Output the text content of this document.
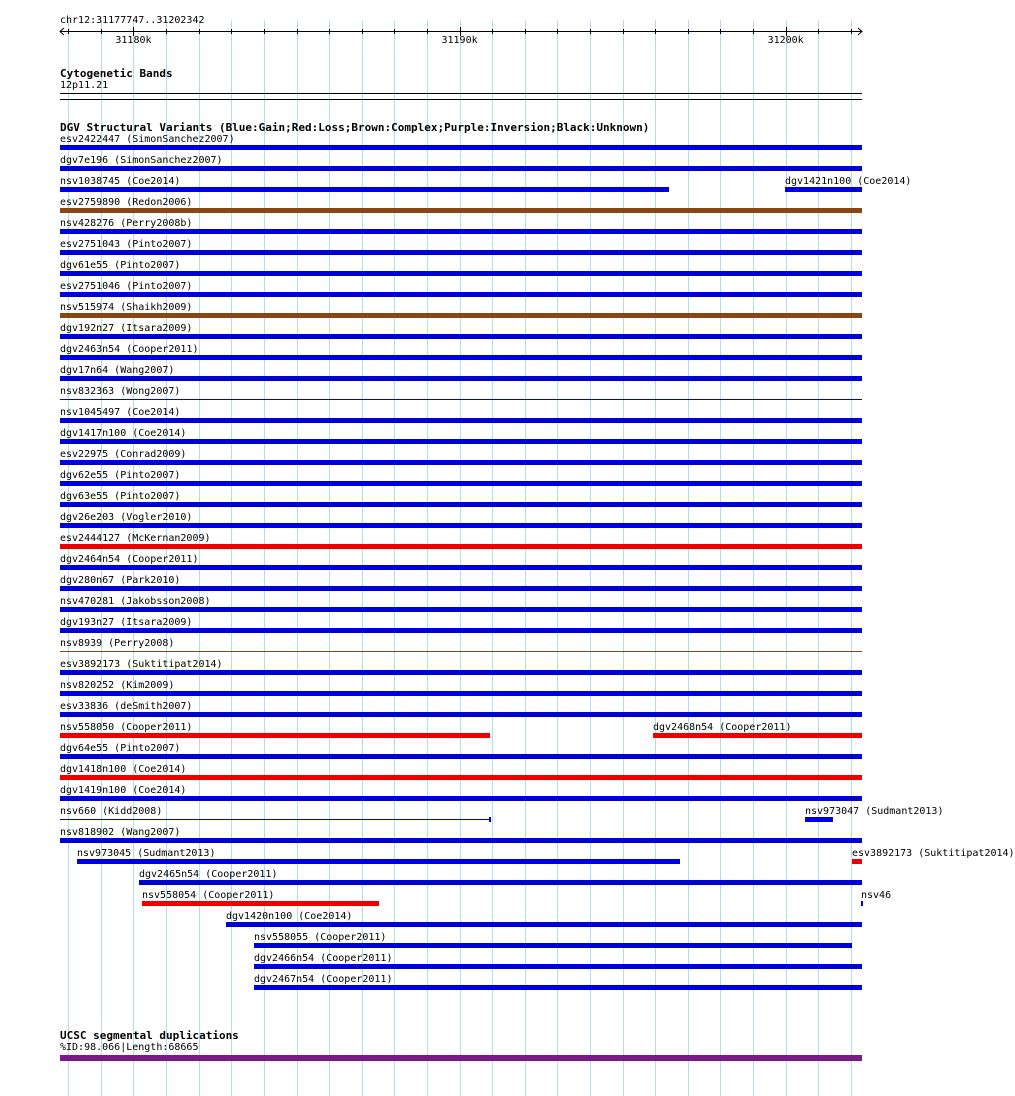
chr12:31177747..31202342
31180k	31190k	31200k
Cytogenetic Bands
12p11.21
DGV Structural Variants (Blue:Gain;Red:Loss;Brown:Complex;Purple:Inversion;Black:Unknown)
esv2422447 (SimonSanchez2007)
dgv7e196 (SimonSanchez2007)
nsv1038745 (Coe2014)	dgv1421n100 (Coe2014)
esv2759890 (Redon2006)
nsv428276 (Perry2008b)
esv2751043 (Pinto2007)
dgv61e55 (Pinto2007)
esv2751046 (Pinto2007)
nsv515974 (Shaikh2009)
dgv192n27 (Itsara2009)
dgv2463n54 (Cooper2011)
dgv17n64 (Wang2007)
nsv832363 (Wong2007)
nsv1045497 (Coe2014)
dgv1417n100 (Coe2014)
esv22975 (Conrad2009)
dgv62e55 (Pinto2007)
dgv63e55 (Pinto2007)
dgv26e203 (Vogler2010)
esv2444127 (McKernan2009)
dgv2464n54 (Cooper2011)
dgv280n67 (Park2010)
nsv470281 (Jakobsson2008)
dgv193n27 (Itsara2009)
nsv8939 (Perry2008)
esv3892173 (Suktitipat2014)
nsv820252 (Kim2009)
esv33836 (deSmith2007)
nsv558050 (Cooper2011)	dgv2468n54 (Cooper2011)
dgv64e55 (Pinto2007)
dgv1418n100 (Coe2014)
dgv1419n100 (Coe2014)
nsv660 (Kidd2008)	nsv973047 (Sudmant2013)
nsv818902 (Wang2007)
nsv973045 (Sudmant2013)	esv3892173 (Suktitipat2014)
dgv2465n54 (Cooper2011)
nsv558054 (Cooper2011)	nsv46
dgv1420n100 (Coe2014)
nsv558055 (Cooper2011)
dgv2466n54 (Cooper2011)
dgv2467n54 (Cooper2011)
UCSC segmental duplications
%ID:98.066|Length:68665
